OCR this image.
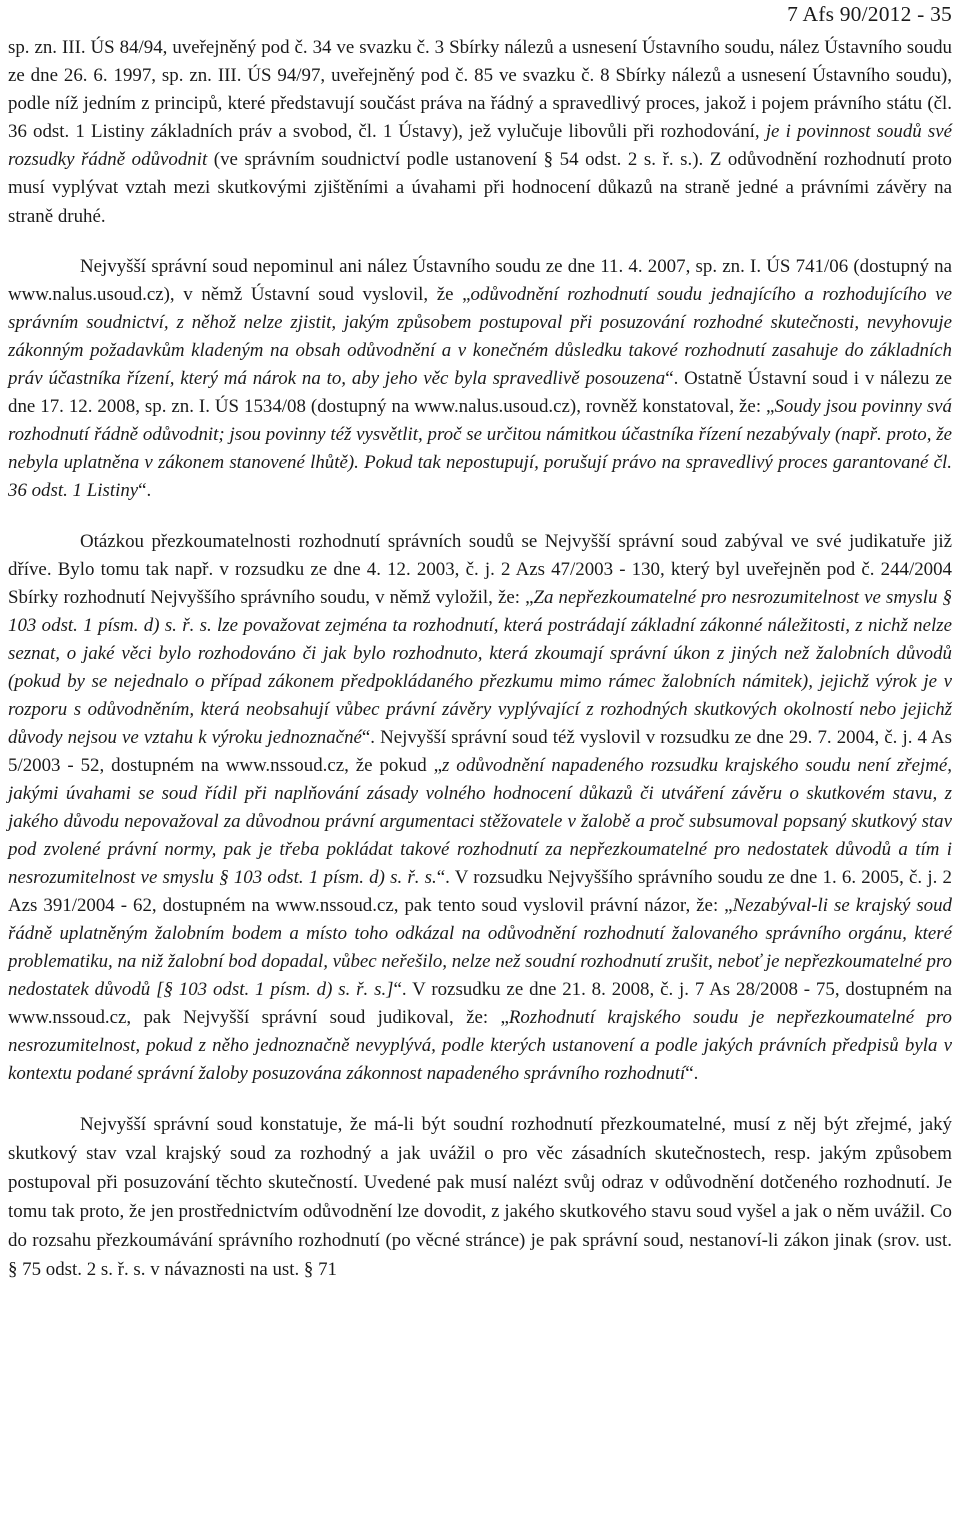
7 Afs 90/2012 - 35

sp. zn. III. ÚS 84/94, uveřejněný pod č. 34 ve svazku č. 3 Sbírky nálezů a usnesení Ústavního soudu, nález Ústavního soudu ze dne 26. 6. 1997, sp. zn. III. ÚS 94/97, uveřejněný pod č. 85 ve svazku č. 8 Sbírky nálezů a usnesení Ústavního soudu), podle níž jedním z principů, které představují součást práva na řádný a spravedlivý proces, jakož i pojem právního státu (čl. 36 odst. 1 Listiny základních práv a svobod, čl. 1 Ústavy), jež vylučuje libovůli při rozhodování, je i povinnost soudů své rozsudky řádně odůvodnit (ve správním soudnictví podle ustanovení § 54 odst. 2 s. ř. s.). Z odůvodnění rozhodnutí proto musí vyplývat vztah mezi skutkovými zjištěními a úvahami při hodnocení důkazů na straně jedné a právními závěry na straně druhé.

Nejvyšší správní soud nepominul ani nález Ústavního soudu ze dne 11. 4. 2007, sp. zn. I. ÚS 741/06 (dostupný na www.nalus.usoud.cz), v němž Ústavní soud vyslovil, že „odůvodnění rozhodnutí soudu jednajícího a rozhodujícího ve správním soudnictví, z něhož nelze zjistit, jakým způsobem postupoval při posuzování rozhodné skutečnosti, nevyhovuje zákonným požadavkům kladeným na obsah odůvodnění a v konečném důsledku takové rozhodnutí zasahuje do základních práv účastníka řízení, který má nárok na to, aby jeho věc byla spravedlivě posouzena“. Ostatně Ústavní soud i v nálezu ze dne 17. 12. 2008, sp. zn. I. ÚS 1534/08 (dostupný na www.nalus.usoud.cz), rovněž konstatoval, že: „Soudy jsou povinny svá rozhodnutí řádně odůvodnit; jsou povinny též vysvětlit, proč se určitou námitkou účastníka řízení nezabývaly (např. proto, že nebyla uplatněna v zákonem stanovené lhůtě). Pokud tak nepostupují, porušují právo na spravedlivý proces garantované čl. 36 odst. 1 Listiny“.

Otázkou přezkoumatelnosti rozhodnutí správních soudů se Nejvyšší správní soud zabýval ve své judikatuře již dříve. Bylo tomu tak např. v rozsudku ze dne 4. 12. 2003, č. j. 2 Azs 47/2003 - 130, který byl uveřejněn pod č. 244/2004 Sbírky rozhodnutí Nejvyššího správního soudu, v němž vyložil, že: „Za nepřezkoumatelné pro nesrozumitelnost ve smyslu § 103 odst. 1 písm. d) s. ř. s. lze považovat zejména ta rozhodnutí, která postrádají základní zákonné náležitosti, z nichž nelze seznat, o jaké věci bylo rozhodováno či jak bylo rozhodnuto, která zkoumají správní úkon z jiných než žalobních důvodů (pokud by se nejednalo o případ zákonem předpokládaného přezkumu mimo rámec žalobních námitek), jejichž výrok je v rozporu s odůvodněním, která neobsahují vůbec právní závěry vyplývající z rozhodných skutkových okolností nebo jejichž důvody nejsou ve vztahu k výroku jednoznačné“. Nejvyšší správní soud též vyslovil v rozsudku ze dne 29. 7. 2004, č. j. 4 As 5/2003 - 52, dostupném na www.nssoud.cz, že pokud „z odůvodnění napadeného rozsudku krajského soudu není zřejmé, jakými úvahami se soud řídil při naplňování zásady volného hodnocení důkazů či utváření závěru o skutkovém stavu, z jakého důvodu nepovažoval za důvodnou právní argumentaci stěžovatele v žalobě a proč subsumoval popsaný skutkový stav pod zvolené právní normy, pak je třeba pokládat takové rozhodnutí za nepřezkoumatelné pro nedostatek důvodů a tím i nesrozumitelnost ve smyslu § 103 odst. 1 písm. d) s. ř. s.“. V rozsudku Nejvyššího správního soudu ze dne 1. 6. 2005, č. j. 2 Azs 391/2004 - 62, dostupném na www.nssoud.cz, pak tento soud vyslovil právní názor, že: „Nezabýval-li se krajský soud řádně uplatněným žalobním bodem a místo toho odkázal na odůvodnění rozhodnutí žalovaného správního orgánu, které problematiku, na niž žalobní bod dopadal, vůbec neřešilo, nelze než soudní rozhodnutí zrušit, neboť je nepřezkoumatelné pro nedostatek důvodů [§ 103 odst. 1 písm. d) s. ř. s.]“. V rozsudku ze dne 21. 8. 2008, č. j. 7 As 28/2008 - 75, dostupném na www.nssoud.cz, pak Nejvyšší správní soud judikoval, že: „Rozhodnutí krajského soudu je nepřezkoumatelné pro nesrozumitelnost, pokud z něho jednoznačně nevyplývá, podle kterých ustanovení a podle jakých právních předpisů byla v kontextu podané správní žaloby posuzována zákonnost napadeného správního rozhodnutí“.

Nejvyšší správní soud konstatuje, že má-li být soudní rozhodnutí přezkoumatelné, musí z něj být zřejmé, jaký skutkový stav vzal krajský soud za rozhodný a jak uvážil o pro věc zásadních skutečnostech, resp. jakým způsobem postupoval při posuzování těchto skutečností. Uvedené pak musí nalézt svůj odraz v odůvodnění dotčeného rozhodnutí. Je tomu tak proto, že jen prostřednictvím odůvodnění lze dovodit, z jakého skutkového stavu soud vyšel a jak o něm uvážil. Co do rozsahu přezkoumávání správního rozhodnutí (po věcné stránce) je pak správní soud, nestanoví-li zákon jinak (srov. ust. § 75 odst. 2 s. ř. s. v návaznosti na ust. § 71
